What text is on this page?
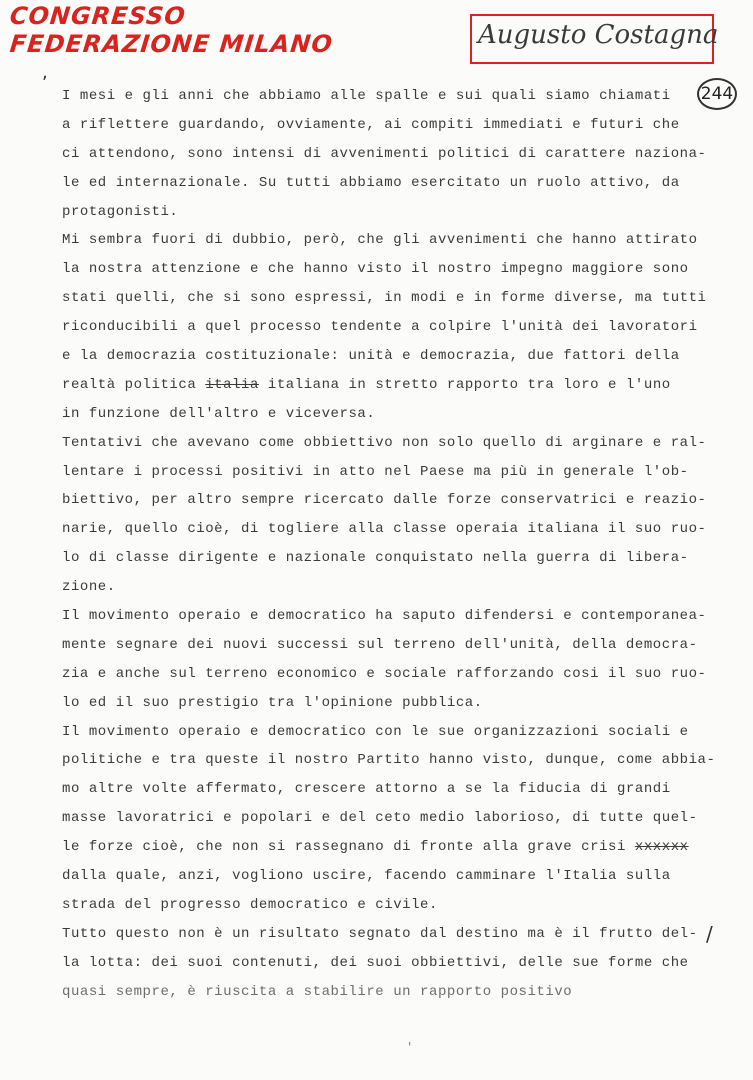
CONGRESSO
FEDERAZIONE MILANO	Augusto Costagna
244
,
I mesi e gli anni che abbiamo alle spalle e sui quali siamo chiamati
a riflettere guardando, ovviamente, ai compiti immediati e futuri che
ci attendono, sono intensi di avvenimenti politici di carattere naziona-
le ed internazionale. Su tutti abbiamo esercitato un ruolo attivo, da
protagonisti.
Mi sembra fuori di dubbio, però, che gli avvenimenti che hanno attirato
la nostra attenzione e che hanno visto il nostro impegno maggiore sono
stati quelli, che si sono espressi, in modi e in forme diverse, ma tutti
riconducibili a quel processo tendente a colpire l'unità dei lavoratori
e la democrazia costituzionale: unità e democrazia, due fattori della
realtà politica italia italiana in stretto rapporto tra loro e l'uno
in funzione dell'altro e viceversa.
Tentativi che avevano come obbiettivo non solo quello di arginare e ral-
lentare i processi positivi in atto nel Paese ma più in generale l'ob-
biettivo, per altro sempre ricercato dalle forze conservatrici e reazio-
narie, quello cioè, di togliere alla classe operaia italiana il suo ruo-
lo di classe dirigente e nazionale conquistato nella guerra di libera-
zione.
Il movimento operaio e democratico ha saputo difendersi e contemporanea-
mente segnare dei nuovi successi sul terreno dell'unità, della democra-
zia e anche sul terreno economico e sociale rafforzando cosi il suo ruo-
lo ed il suo prestigio tra l'opinione pubblica.
Il movimento operaio e democratico con le sue organizzazioni sociali e
politiche e tra queste il nostro Partito hanno visto, dunque, come abbia-
mo altre volte affermato, crescere attorno a se la fiducia di grandi
masse lavoratrici e popolari e del ceto medio laborioso, di tutte quel-
le forze cioè, che non si rassegnano di fronte alla grave crisi xxxxxx
dalla quale, anzi, vogliono uscire, facendo camminare l'Italia sulla
strada del progresso democratico e civile.
Tutto questo non è un risultato segnato dal destino ma è il frutto del-
la lotta: dei suoi contenuti, dei suoi obbiettivi, delle sue forme che
quasi sempre, è riuscita a stabilire un rapporto positivo
/
'
